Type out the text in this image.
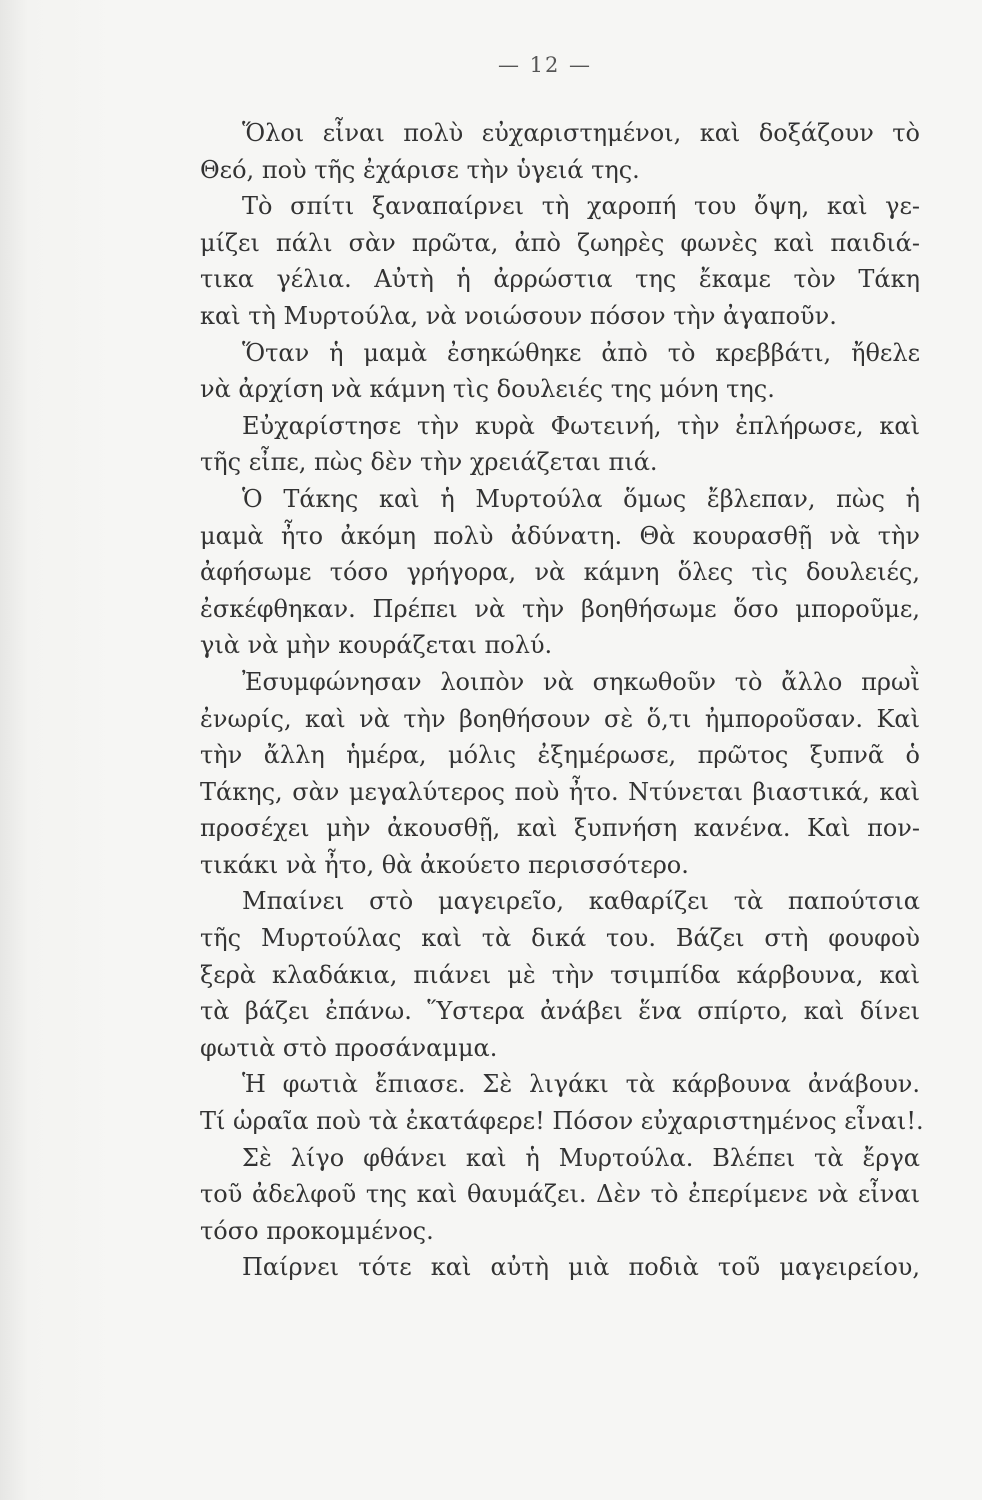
— 12 —
Ὅλοι εἶναι πολὺ εὐχαριστημένοι, καὶ δοξάζουν τὸ
Θεό, ποὺ τῆς ἐχάρισε τὴν ὑγειά της.
Τὸ σπίτι ξαναπαίρνει τὴ χαροπή του ὄψη, καὶ γε-
μίζει πάλι σὰν πρῶτα, ἀπὸ ζωηρὲς φωνὲς καὶ παιδιά-
τικα γέλια. Αὐτὴ ἡ ἀρρώστια της ἔκαμε τὸν Τάκη
καὶ τὴ Μυρτούλα, νὰ νοιώσουν πόσον τὴν ἀγαποῦν.
Ὅταν ἡ μαμὰ ἐσηκώθηκε ἀπὸ τὸ κρεββάτι, ἤθελε
νὰ ἀρχίση νὰ κάμνη τὶς δουλειές της μόνη της.
Εὐχαρίστησε τὴν κυρὰ Φωτεινή, τὴν ἐπλήρωσε, καὶ
τῆς εἶπε, πὼς δὲν τὴν χρειάζεται πιά.
Ὁ Τάκης καὶ ἡ Μυρτούλα ὅμως ἔβλεπαν, πὼς ἡ
μαμὰ ἦτο ἀκόμη πολὺ ἀδύνατη. Θὰ κουρασθῇ νὰ τὴν
ἀφήσωμε τόσο γρήγορα, νὰ κάμνη ὅλες τὶς δουλειές,
ἐσκέφθηκαν. Πρέπει νὰ τὴν βοηθήσωμε ὅσο μποροῦμε,
γιὰ νὰ μὴν κουράζεται πολύ.
Ἐσυμφώνησαν λοιπὸν νὰ σηκωθοῦν τὸ ἄλλο πρωῒ
ἐνωρίς, καὶ νὰ τὴν βοηθήσουν σὲ ὅ,τι ἠμποροῦσαν. Καὶ
τὴν ἄλλη ἡμέρα, μόλις ἐξημέρωσε, πρῶτος ξυπνᾶ ὁ
Τάκης, σὰν μεγαλύτερος ποὺ ἦτο. Ντύνεται βιαστικά, καὶ
προσέχει μὴν ἀκουσθῇ, καὶ ξυπνήση κανένα. Καὶ πον-
τικάκι νὰ ἦτο, θὰ ἀκούετο περισσότερο.
Μπαίνει στὸ μαγειρεῖο, καθαρίζει τὰ παπούτσια
τῆς Μυρτούλας καὶ τὰ δικά του. Βάζει στὴ φουφοὺ
ξερὰ κλαδάκια, πιάνει μὲ τὴν τσιμπίδα κάρβουνα, καὶ
τὰ βάζει ἐπάνω. Ὕστερα ἀνάβει ἕνα σπίρτο, καὶ δίνει
φωτιὰ στὸ προσάναμμα.
Ἡ φωτιὰ ἔπιασε. Σὲ λιγάκι τὰ κάρβουνα ἀνάβουν.
Τί ὡραῖα ποὺ τὰ ἐκατάφερε! Πόσον εὐχαριστημένος εἶναι!.
Σὲ λίγο φθάνει καὶ ἡ Μυρτούλα. Βλέπει τὰ ἔργα
τοῦ ἀδελφοῦ της καὶ θαυμάζει. Δὲν τὸ ἐπερίμενε νὰ εἶναι
τόσο προκομμένος.
Παίρνει τότε καὶ αὐτὴ μιὰ ποδιὰ τοῦ μαγειρείου,
